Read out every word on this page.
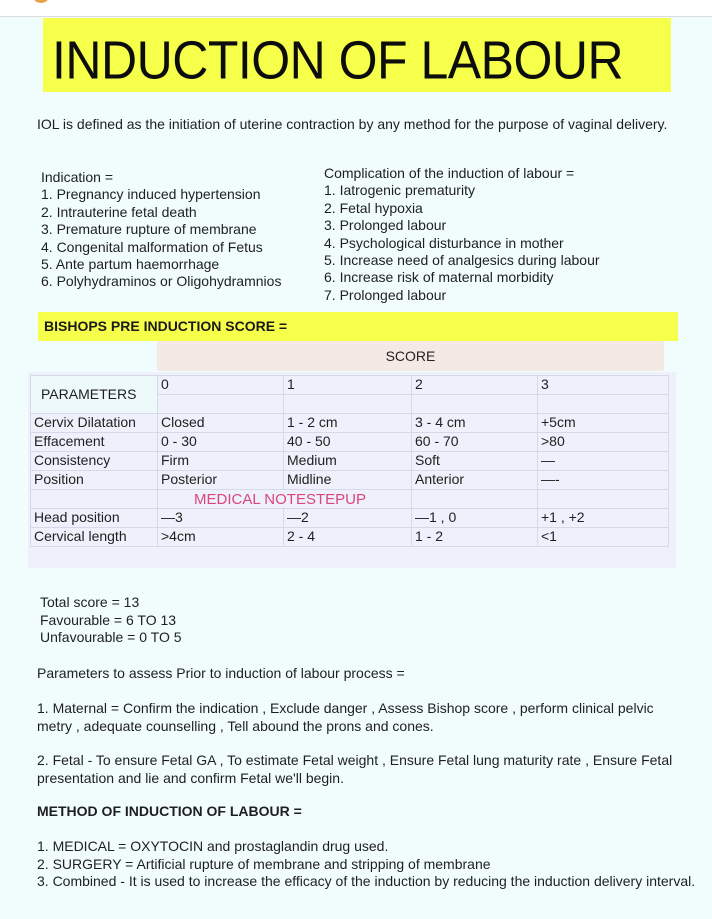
INDUCTION OF LABOUR
IOL is defined as the initiation of uterine contraction by any method for the purpose of vaginal delivery.
Indication =
1. Pregnancy induced hypertension
2. Intrauterine fetal death
3. Premature rupture of membrane
4. Congenital malformation of Fetus
5. Ante partum haemorrhage
6. Polyhydraminos or Oligohydramnios
Complication of the induction of labour =
1. Iatrogenic prematurity
2. Fetal hypoxia
3. Prolonged labour
4. Psychological disturbance in mother
5. Increase need of analgesics during labour
6. Increase risk of maternal morbidity
7. Prolonged labour
BISHOPS PRE INDUCTION SCORE =
SCORE
PARAMETERS	0	1	2	3

Cervix Dilatation	Closed	1 - 2 cm	3 - 4 cm	+5cm
Effacement	0 - 30	40 - 50	60 - 70	>80
Consistency	Firm	Medium	Soft	—
Position	Posterior	Midline	Anterior	—-
	MEDICAL NOTESTEPUP			
Head position	—3	—2	—1 , 0	+1 , +2
Cervical length	>4cm	2 - 4	1 - 2	<1
Total score = 13
Favourable = 6 TO 13
Unfavourable = 0 TO 5
Parameters to assess Prior to induction of labour process =
1. Maternal = Confirm the indication , Exclude danger , Assess Bishop score , perform clinical pelvic metry , adequate counselling , Tell abound the prons and cones.
2. Fetal - To ensure Fetal GA , To estimate Fetal weight , Ensure Fetal lung maturity rate , Ensure Fetal presentation and lie and confirm Fetal we'll begin.
METHOD OF INDUCTION OF LABOUR =
1. MEDICAL = OXYTOCIN and prostaglandin drug used.
2. SURGERY = Artificial rupture of membrane and stripping of membrane
3. Combined - It is used to increase the efficacy of the induction by reducing the induction delivery interval.
